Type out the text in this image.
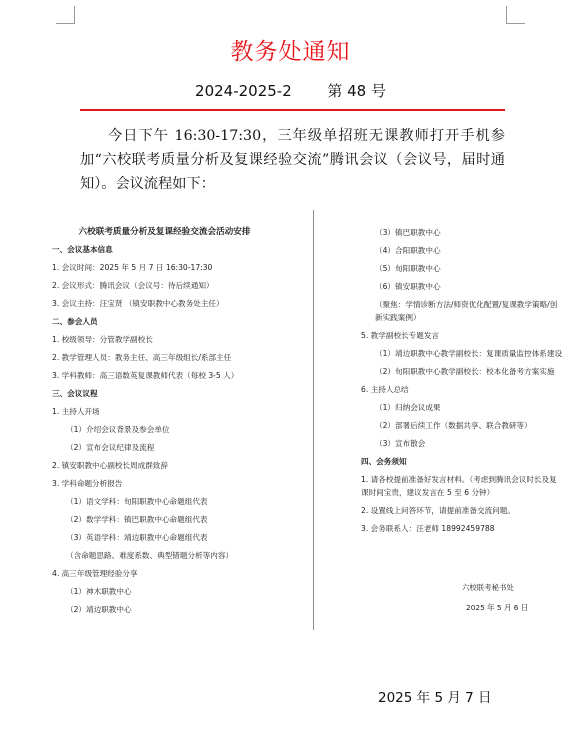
教务处通知
2024-2025-2 第 48 号
今日下午 16:30-17:30，三年级单招班无课教师打开手机参加“六校联考质量分析及复课经验交流”腾讯会议（会议号，届时通知）。会议流程如下：
六校联考质量分析及复课经验交流会活动安排
一、会议基本信息
1. 会议时间：2025 年 5 月 7 日 16:30-17:30
2. 会议形式：腾讯会议（会议号：待后续通知）
3. 会议主持：汪宝贤 （镇安职教中心教务处主任）
二、参会人员
1. 校级领导：分管教学副校长
2. 教学管理人员：教务主任、高三年级组长/系部主任
3. 学科教师：高三语数英复课教师代表（每校 3-5 人）
三、会议议程
1. 主持人开场
（1）介绍会议背景及参会单位
（2）宣布会议纪律及流程
2. 镇安职教中心副校长周成群致辞
3. 学科命题分析报告
（1）语文学科：旬阳职教中心命题组代表
（2）数学学科：镇巴职教中心命题组代表
（3）英语学科：靖边职教中心命题组代表
（含命题思路、难度系数、典型错题分析等内容）
4. 高三年级管理经验分享
（1）神木职教中心
（2）靖边职教中心
（3）镇巴职教中心
（4）合阳职教中心
（5）旬阳职教中心
（6）镇安职教中心
（聚焦：学情诊断方法/师资优化配置/复课教学策略/创新实践案例）
5. 教学副校长专题发言
（1）靖边职教中心教学副校长：复课质量监控体系建设
（2）旬阳职教中心教学副校长：校本化备考方案实施
6. 主持人总结
（1）归纳会议成果
（2）部署后续工作（数据共享、联合教研等）
（3）宣布散会
四、会务须知
1. 请各校提前准备好发言材料。（考虑到腾讯会议时长及复课时间宝贵，建议发言在 5 至 6 分钟）
2. 设置线上问答环节，请提前准备交流问题。
3. 会务联系人：汪老师 18992459788
六校联考秘书处
2025 年 5 月 6 日
2025 年 5 月 7 日
